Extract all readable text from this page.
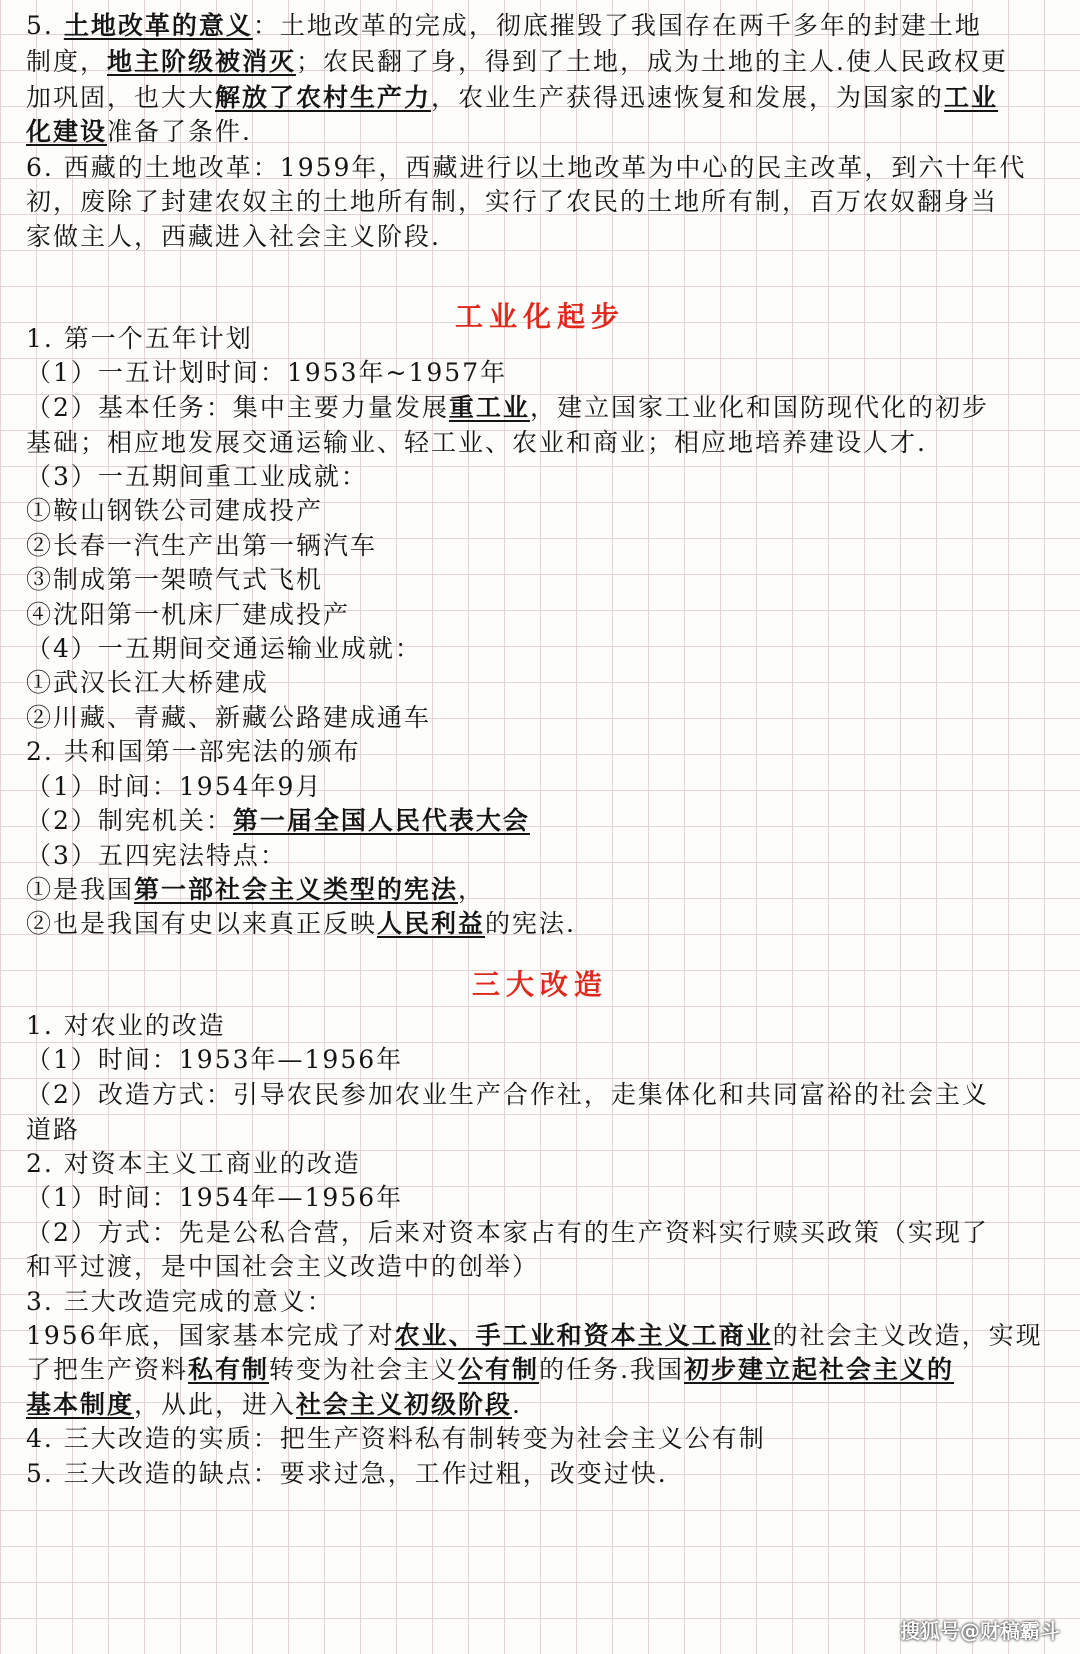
5. 土地改革的意义：土地改革的完成，彻底摧毁了我国存在两千多年的封建土地
制度，地主阶级被消灭；农民翻了身，得到了土地，成为土地的主人.使人民政权更
加巩固，也大大解放了农村生产力，农业生产获得迅速恢复和发展，为国家的工业
化建设准备了条件.
6. 西藏的土地改革：1959年，西藏进行以土地改革为中心的民主改革，到六十年代
初，废除了封建农奴主的土地所有制，实行了农民的土地所有制，百万农奴翻身当
家做主人，西藏进入社会主义阶段.
1. 第一个五年计划
（1）一五计划时间：1953年~1957年
（2）基本任务：集中主要力量发展重工业，建立国家工业化和国防现代化的初步
基础；相应地发展交通运输业、轻工业、农业和商业；相应地培养建设人才.
（3）一五期间重工业成就：
①鞍山钢铁公司建成投产
②长春一汽生产出第一辆汽车
③制成第一架喷气式飞机
④沈阳第一机床厂建成投产
（4）一五期间交通运输业成就：
①武汉长江大桥建成
②川藏、青藏、新藏公路建成通车
2. 共和国第一部宪法的颁布
（1）时间：1954年9月
（2）制宪机关：第一届全国人民代表大会
（3）五四宪法特点：
①是我国第一部社会主义类型的宪法，
②也是我国有史以来真正反映人民利益的宪法.
1. 对农业的改造
（1）时间：1953年—1956年
（2）改造方式：引导农民参加农业生产合作社，走集体化和共同富裕的社会主义
道路
2. 对资本主义工商业的改造
（1）时间：1954年—1956年
（2）方式：先是公私合营，后来对资本家占有的生产资料实行赎买政策（实现了
和平过渡，是中国社会主义改造中的创举）
3. 三大改造完成的意义：
1956年底，国家基本完成了对农业、手工业和资本主义工商业的社会主义改造，实现
了把生产资料私有制转变为社会主义公有制的任务.我国初步建立起社会主义的
基本制度，从此，进入社会主义初级阶段.
4. 三大改造的实质：把生产资料私有制转变为社会主义公有制
5. 三大改造的缺点：要求过急，工作过粗，改变过快.
工业化起步
三大改造
搜狐号@财稿霸斗
